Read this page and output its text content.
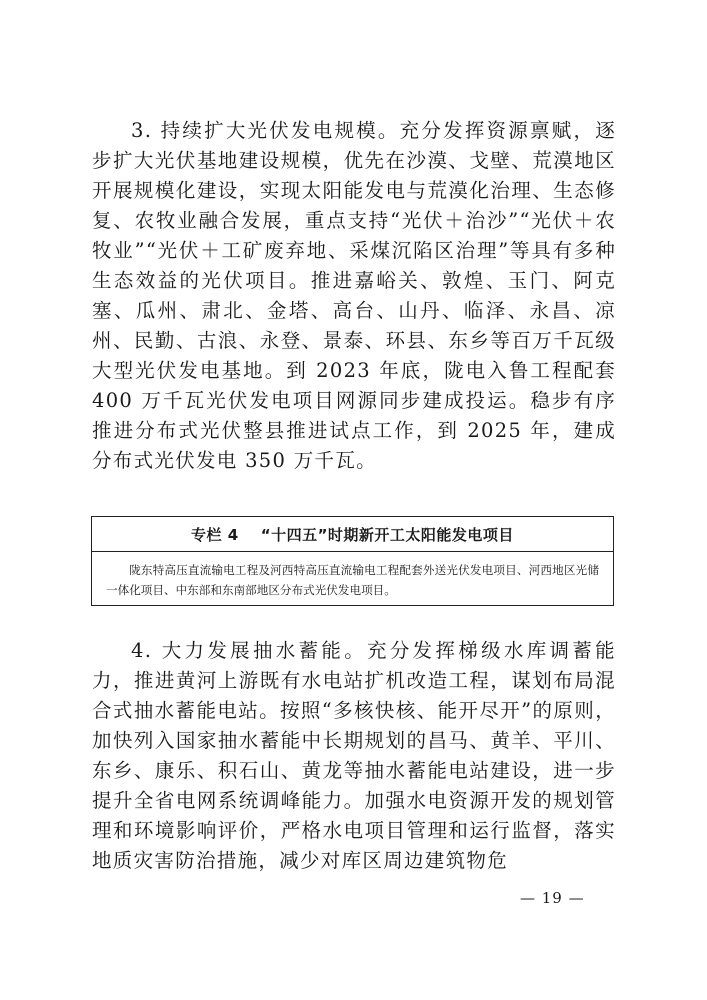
3. 持续扩大光伏发电规模。充分发挥资源禀赋，逐步扩大光伏基地建设规模，优先在沙漠、戈壁、荒漠地区开展规模化建设，实现太阳能发电与荒漠化治理、生态修复、农牧业融合发展，重点支持“光伏＋治沙”“光伏＋农牧业”“光伏＋工矿废弃地、采煤沉陷区治理”等具有多种生态效益的光伏项目。推进嘉峪关、敦煌、玉门、阿克塞、瓜州、肃北、金塔、高台、山丹、临泽、永昌、凉州、民勤、古浪、永登、景泰、环县、东乡等百万千瓦级大型光伏发电基地。到 2023 年底，陇电入鲁工程配套 400 万千瓦光伏发电项目网源同步建成投运。稳步有序推进分布式光伏整县推进试点工作，到 2025 年，建成分布式光伏发电 350 万千瓦。

专栏 4 “十四五”时期新开工太阳能发电项目
陇东特高压直流输电工程及河西特高压直流输电工程配套外送光伏发电项目、河西地区光储一体化项目、中东部和东南部地区分布式光伏发电项目。

4. 大力发展抽水蓄能。充分发挥梯级水库调蓄能力，推进黄河上游既有水电站扩机改造工程，谋划布局混合式抽水蓄能电站。按照“多核快核、能开尽开”的原则，加快列入国家抽水蓄能中长期规划的昌马、黄羊、平川、东乡、康乐、积石山、黄龙等抽水蓄能电站建设，进一步提升全省电网系统调峰能力。加强水电资源开发的规划管理和环境影响评价，严格水电项目管理和运行监督，落实地质灾害防治措施，减少对库区周边建筑物危

— 19 —
